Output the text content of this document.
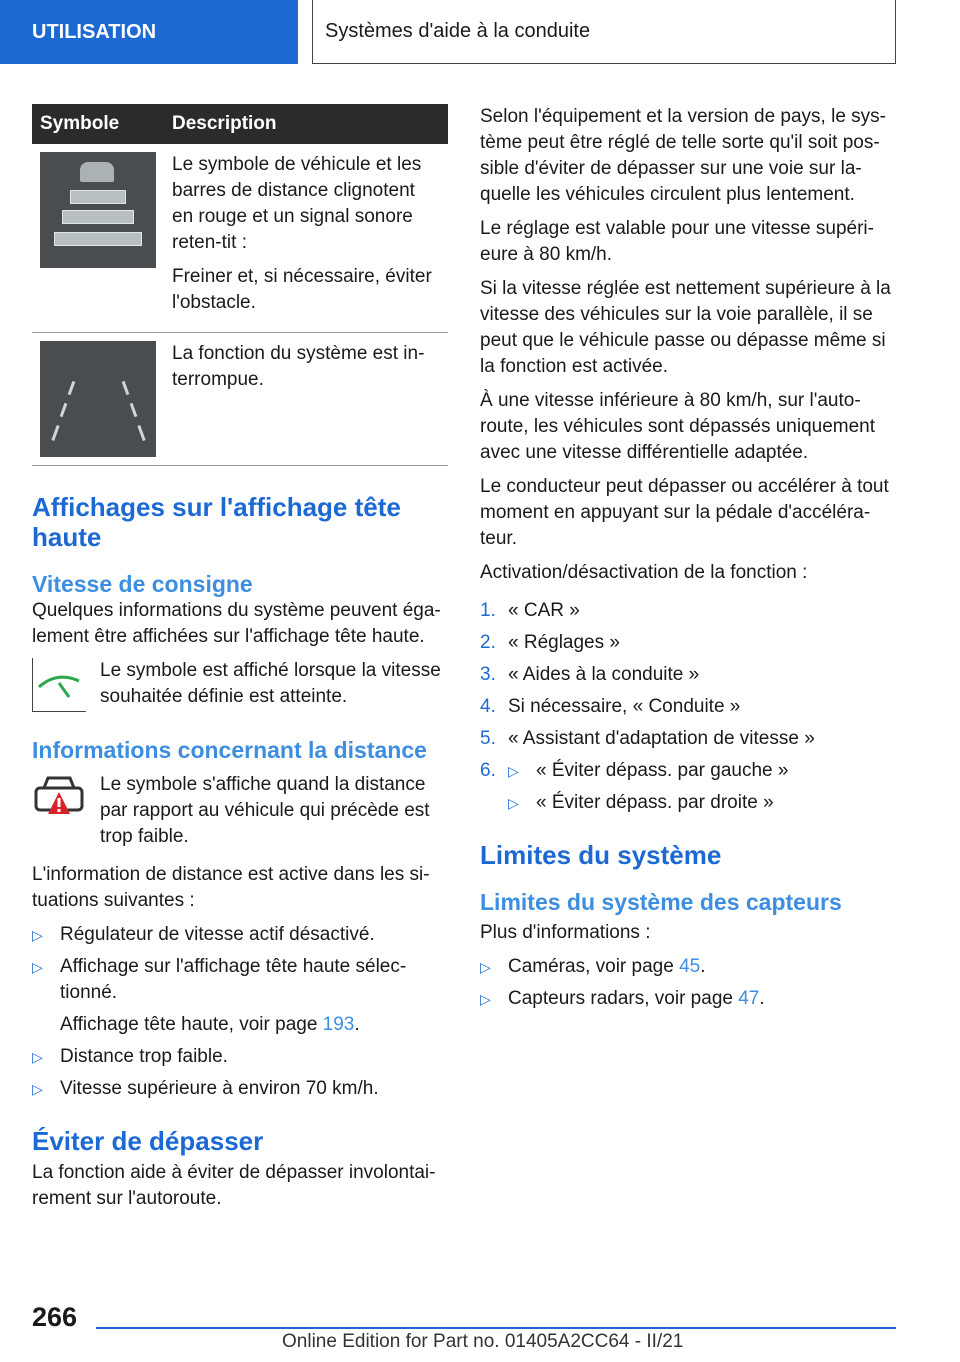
UTILISATION	Systèmes d'aide à la conduite
Symbole	Description

	Le symbole de véhicule et les barres de distance clignotent en rouge et un signal sonore reten-tit :

Freiner et, si nécessaire, éviter l'obstacle.

	La fonction du système est in-terrompue.

Affichages sur l'affichage tête haute
Vitesse de consigne

Quelques informations du système peuvent éga-lement être affichées sur l'affichage tête haute.

Le symbole est affiché lorsque la vitesse souhaitée définie est atteinte.

Informations concernant la distance

Le symbole s'affiche quand la distance par rapport au véhicule qui précède est trop faible.

L'information de distance est active dans les si-tuations suivantes :

▷ Régulateur de vitesse actif désactivé.
▷ Affichage sur l'affichage tête haute sélec-tionné.
Affichage tête haute, voir page 193.
▷ Distance trop faible.
▷ Vitesse supérieure à environ 70 km/h.
Éviter de dépasser

La fonction aide à éviter de dépasser involontai-rement sur l'autoroute.

Selon l'équipement et la version de pays, le sys-tème peut être réglé de telle sorte qu'il soit pos-sible d'éviter de dépasser sur une voie sur la-quelle les véhicules circulent plus lentement.

Le réglage est valable pour une vitesse supéri-eure à 80 km/h.

Si la vitesse réglée est nettement supérieure à la vitesse des véhicules sur la voie parallèle, il se peut que le véhicule passe ou dépasse même si la fonction est activée.

À une vitesse inférieure à 80 km/h, sur l'auto-route, les véhicules sont dépassés uniquement avec une vitesse différentielle adaptée.

Le conducteur peut dépasser ou accélérer à tout moment en appuyant sur la pédale d'accéléra-teur.

Activation/désactivation de la fonction :

1. « CAR »
2. « Réglages »
3. « Aides à la conduite »
4. Si nécessaire, « Conduite »
5. « Assistant d'adaptation de vitesse »
6. ▷ « Éviter dépass. par gauche »
▷ « Éviter dépass. par droite »
Limites du système
Limites du système des capteurs

Plus d'informations :

▷ Caméras, voir page 45.
▷ Capteurs radars, voir page 47.
266
Online Edition for Part no. 01405A2CC64 - II/21
